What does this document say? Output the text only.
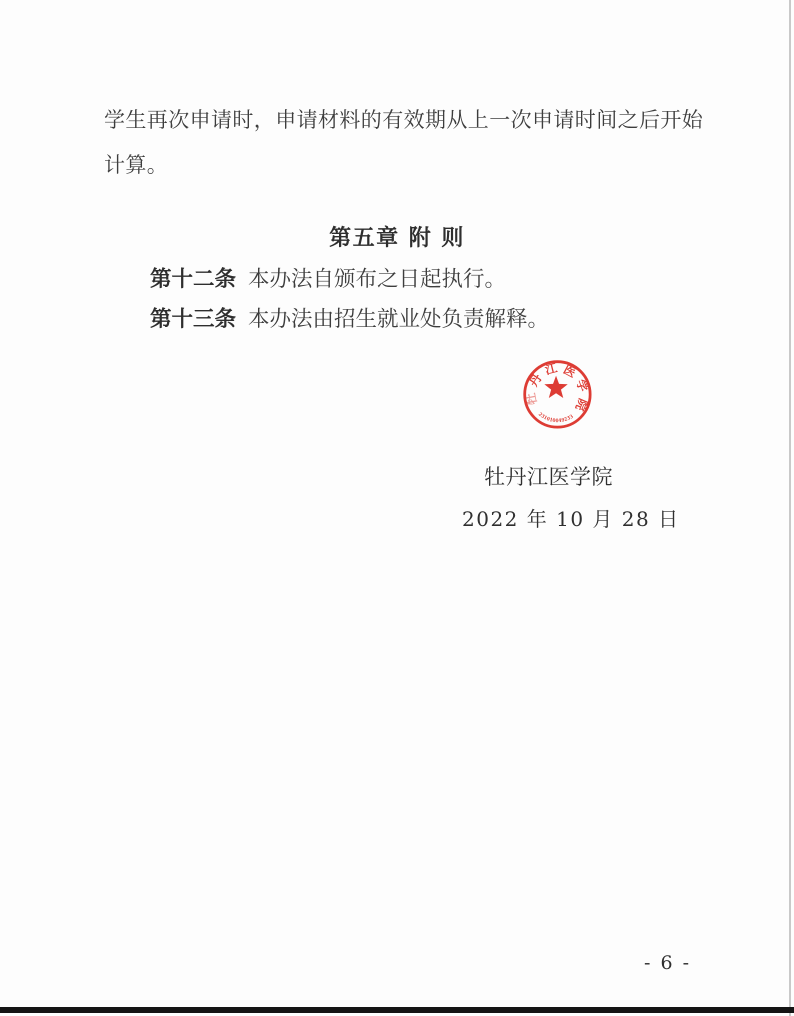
学生再次申请时，申请材料的有效期从上一次申请时间之后开始
计算。
第五章 附 则
第十二条 本办法自颁布之日起执行。
第十三条 本办法由招生就业处负责解释。
牡丹江医学院
2022 年 10 月 28 日
牡
丹
江 医
学
院
231010049233
- 6 -
